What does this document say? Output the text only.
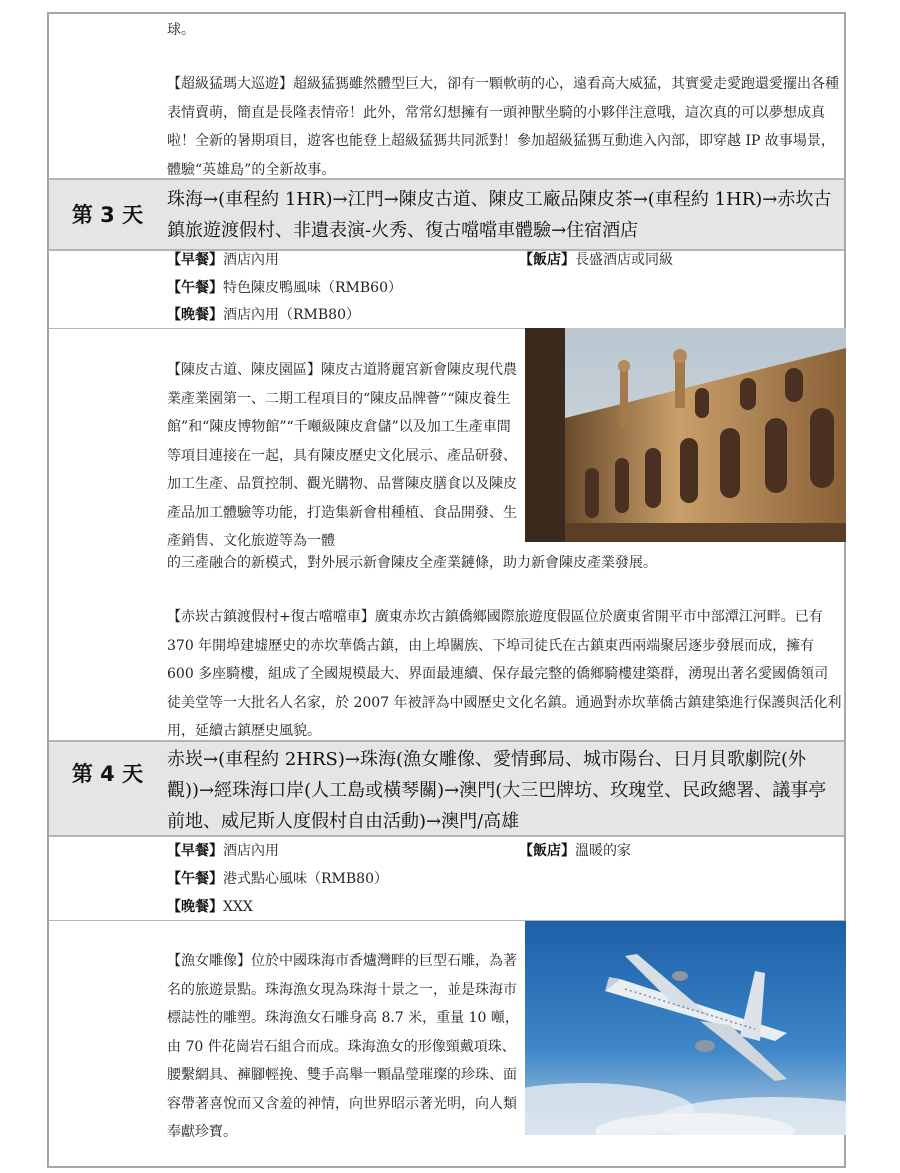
球。

【超級猛瑪大巡遊】超級猛獁雖然體型巨大，卻有一顆軟萌的心，遠看高大威猛，其實愛走愛跑還愛擺出各種表情賣萌，簡直是長隆表情帝！此外，常常幻想擁有一頭神獸坐騎的小夥伴注意哦，這次真的可以夢想成真啦！全新的暑期項目，遊客也能登上超級猛獁共同派對！參加超級猛獁互動進入內部，即穿越 IP 故事場景，體驗“英雄島”的全新故事。

第 3 天

珠海→(車程約 1HR)→江門→陳皮古道、陳皮工廠品陳皮茶→(車程約 1HR)→赤坎古鎮旅遊渡假村、非遺表演-火秀、復古噹噹車體驗→住宿酒店

【早餐】酒店內用	【飯店】長盛酒店或同級
【午餐】特色陳皮鴨風味（RMB60）
【晚餐】酒店內用（RMB80）

【陳皮古道、陳皮園區】陳皮古道將麗宮新會陳皮現代農業產業園第一、二期工程項目的“陳皮品牌薈”“陳皮養生館”和“陳皮博物館”“千噸級陳皮倉儲”以及加工生產車間等項目連接在一起，具有陳皮歷史文化展示、產品研發、加工生產、品質控制、觀光購物、品嘗陳皮膳食以及陳皮產品加工體驗等功能，打造集新會柑種植、食品開發、生產銷售、文化旅遊等為一體

的三產融合的新模式，對外展示新會陳皮全產業鏈條，助力新會陳皮產業發展。

【赤崁古鎮渡假村+復古噹噹車】廣東赤坎古鎮僑鄉國際旅遊度假區位於廣東省開平市中部潭江河畔。已有 370 年開埠建墟歷史的赤坎華僑古鎮，由上埠關族、下埠司徒氏在古鎮東西兩端聚居逐步發展而成，擁有 600 多座騎樓，組成了全國規模最大、界面最連續、保存最完整的僑鄉騎樓建築群，湧現出著名愛國僑領司徒美堂等一大批名人名家，於 2007 年被評為中國歷史文化名鎮。通過對赤坎華僑古鎮建築進行保護與活化利用，延續古鎮歷史風貌。

第 4 天

赤崁→(車程約 2HRS)→珠海(漁女雕像、愛情郵局、城市陽台、日月貝歌劇院(外觀))→經珠海口岸(人工島或橫琴關)→澳門(大三巴牌坊、玫瑰堂、民政總署、議事亭前地、威尼斯人度假村自由活動)→澳門/高雄

【早餐】酒店內用	【飯店】溫暖的家
【午餐】港式點心風味（RMB80）
【晚餐】XXX

【漁女雕像】位於中國珠海市香爐灣畔的巨型石雕，為著名的旅遊景點。珠海漁女現為珠海十景之一，並是珠海市標誌性的雕塑。珠海漁女石雕身高 8.7 米，重量 10 噸，由 70 件花崗岩石組合而成。珠海漁女的形像頸戴項珠、腰繫網具、褲腳輕挽、雙手高舉一顆晶瑩璀璨的珍珠、面容帶著喜悅而又含羞的神情，向世界昭示著光明，向人類奉獻珍寶。
